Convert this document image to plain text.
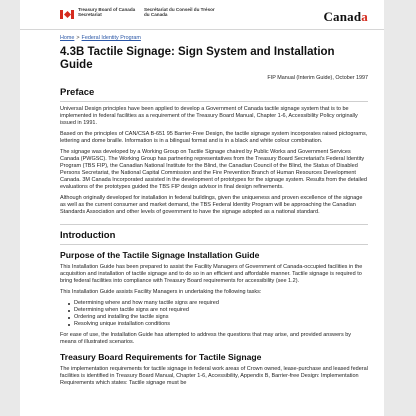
Treasury Board of Canada
Secretariat
Secrétariat du Conseil du Trésor
du Canada	Canada
Home > Federal Identity Program
4.3B Tactile Signage: Sign System and Installation Guide
FIP Manual (Interim Guide), October 1997
Preface

Universal Design principles have been applied to develop a Government of Canada tactile signage system that is to be implemented in federal facilities as a requirement of the Treasury Board Manual, Chapter 1-6, Accessibility Policy originally issued in 1991.

Based on the principles of CAN/CSA B-651 95 Barrier-Free Design, the tactile signage system incorporates raised pictograms, lettering and dome braille. Information is in a bilingual format and is in a black and white colour combination.

The signage was developed by a Working Group on Tactile Signage chaired by Public Works and Government Services Canada (PWGSC). The Working Group has partnering representatives from the Treasury Board Secretariat's Federal Identity Program (TBS FIP), the Canadian National Institute for the Blind, the Canadian Council of the Blind, the Status of Disabled Persons Secretariat, the National Capital Commission and the Fire Prevention Branch of Human Resources Development Canada. 3M Canada Incorporated assisted in the development of prototypes for the signage system. Results from the detailed evaluations of the prototypes guided the TBS FIP design advisor in final design refinements.

Although originally developed for installation in federal buildings, given the uniqueness and proven excellence of the signage as well as the current consumer and market demand, the TBS Federal Identity Program will be approaching the Canadian Standards Association and other levels of government to have the signage adopted as a national standard.

Introduction
Purpose of the Tactile Signage Installation Guide

This Installation Guide has been prepared to assist the Facility Managers of Government of Canada-occupied facilities in the acquisition and installation of tactile signage and to do so in an efficient and affordable manner. Tactile signage is required to bring federal facilities into compliance with Treasury Board requirements for accessibility (see 1.2).

This Installation Guide assists Facility Managers in undertaking the following tasks:

Determining where and how many tactile signs are required
Determining when tactile signs are not required
Ordering and installing the tactile signs
Resolving unique installation conditions

For ease of use, the Installation Guide has attempted to address the questions that may arise, and provided answers by means of illustrated scenarios.

Treasury Board Requirements for Tactile Signage

The implementation requirements for tactile signage in federal work areas of Crown owned, lease-purchase and leased federal facilities is identified in Treasury Board Manual, Chapter 1-6, Accessibility, Appendix B, Barrier-free Design: Implementation Requirements which states: Tactile signage must be
